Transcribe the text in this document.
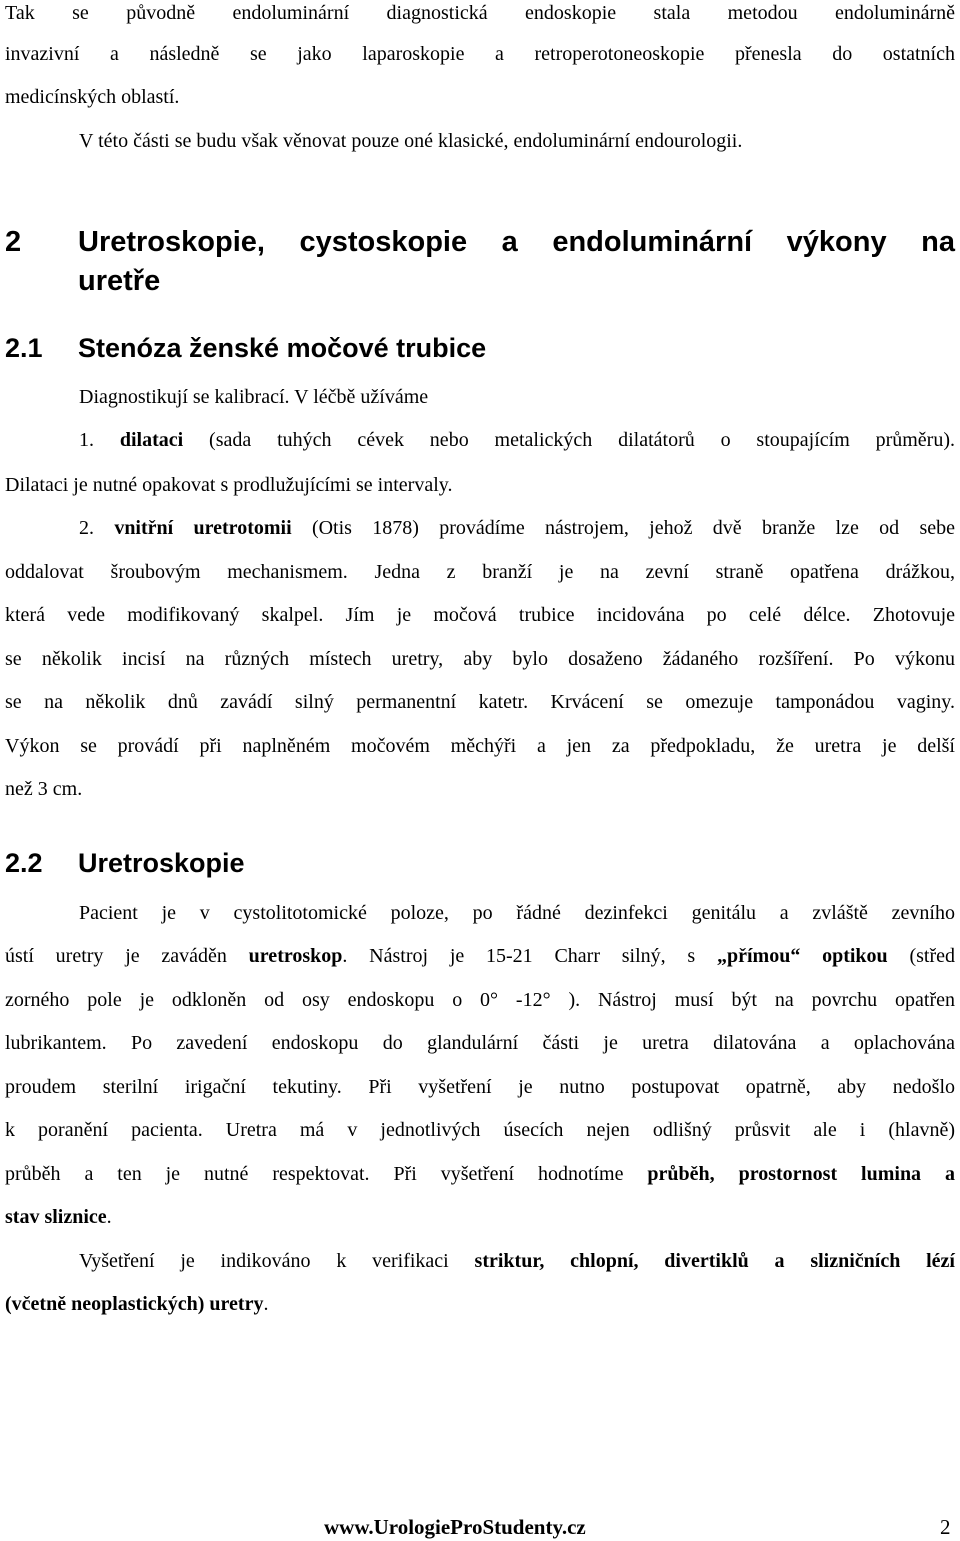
Tak se původně endoluminární diagnostická endoskopie stala metodou endoluminárně
invazivní a následně se jako laparoskopie a retroperotoneoskopie přenesla do ostatních
medicínských oblastí.
V této části se budu však věnovat pouze oné klasické, endoluminární endourologii.
2 Uretroskopie, cystoskopie a endoluminární výkony na
uretře
2.1 Stenóza ženské močové trubice
Diagnostikují se kalibrací. V léčbě užíváme
1. dilataci (sada tuhých cévek nebo metalických dilatátorů o stoupajícím průměru).
Dilataci je nutné opakovat s prodlužujícími se intervaly.
2. vnitřní uretrotomii (Otis 1878) provádíme nástrojem, jehož dvě branže lze od sebe
oddalovat šroubovým mechanismem. Jedna z branží je na zevní straně opatřena drážkou,
která vede modifikovaný skalpel. Jím je močová trubice incidována po celé délce. Zhotovuje
se několik incisí na různých místech uretry, aby bylo dosaženo žádaného rozšíření. Po výkonu
se na několik dnů zavádí silný permanentní katetr. Krvácení se omezuje tamponádou vaginy.
Výkon se provádí při naplněném močovém měchýři a jen za předpokladu, že uretra je delší
než 3 cm.
2.2 Uretroskopie
Pacient je v cystolitotomické poloze, po řádné dezinfekci genitálu a zvláště zevního
ústí uretry je zaváděn uretroskop. Nástroj je 15-21 Charr silný, s „přímou“ optikou (střed
zorného pole je odkloněn od osy endoskopu o 0° -12° ). Nástroj musí být na povrchu opatřen
lubrikantem. Po zavedení endoskopu do glandulární části je uretra dilatována a oplachována
proudem sterilní irigační tekutiny. Při vyšetření je nutno postupovat opatrně, aby nedošlo
k poranění pacienta. Uretra má v jednotlivých úsecích nejen odlišný průsvit ale i (hlavně)
průběh a ten je nutné respektovat. Při vyšetření hodnotíme průběh, prostornost lumina a
stav sliznice.
Vyšetření je indikováno k verifikaci striktur, chlopní, divertiklů a slizničních lézí
(včetně neoplastických) uretry.
www.UrologieProStudenty.cz	2
